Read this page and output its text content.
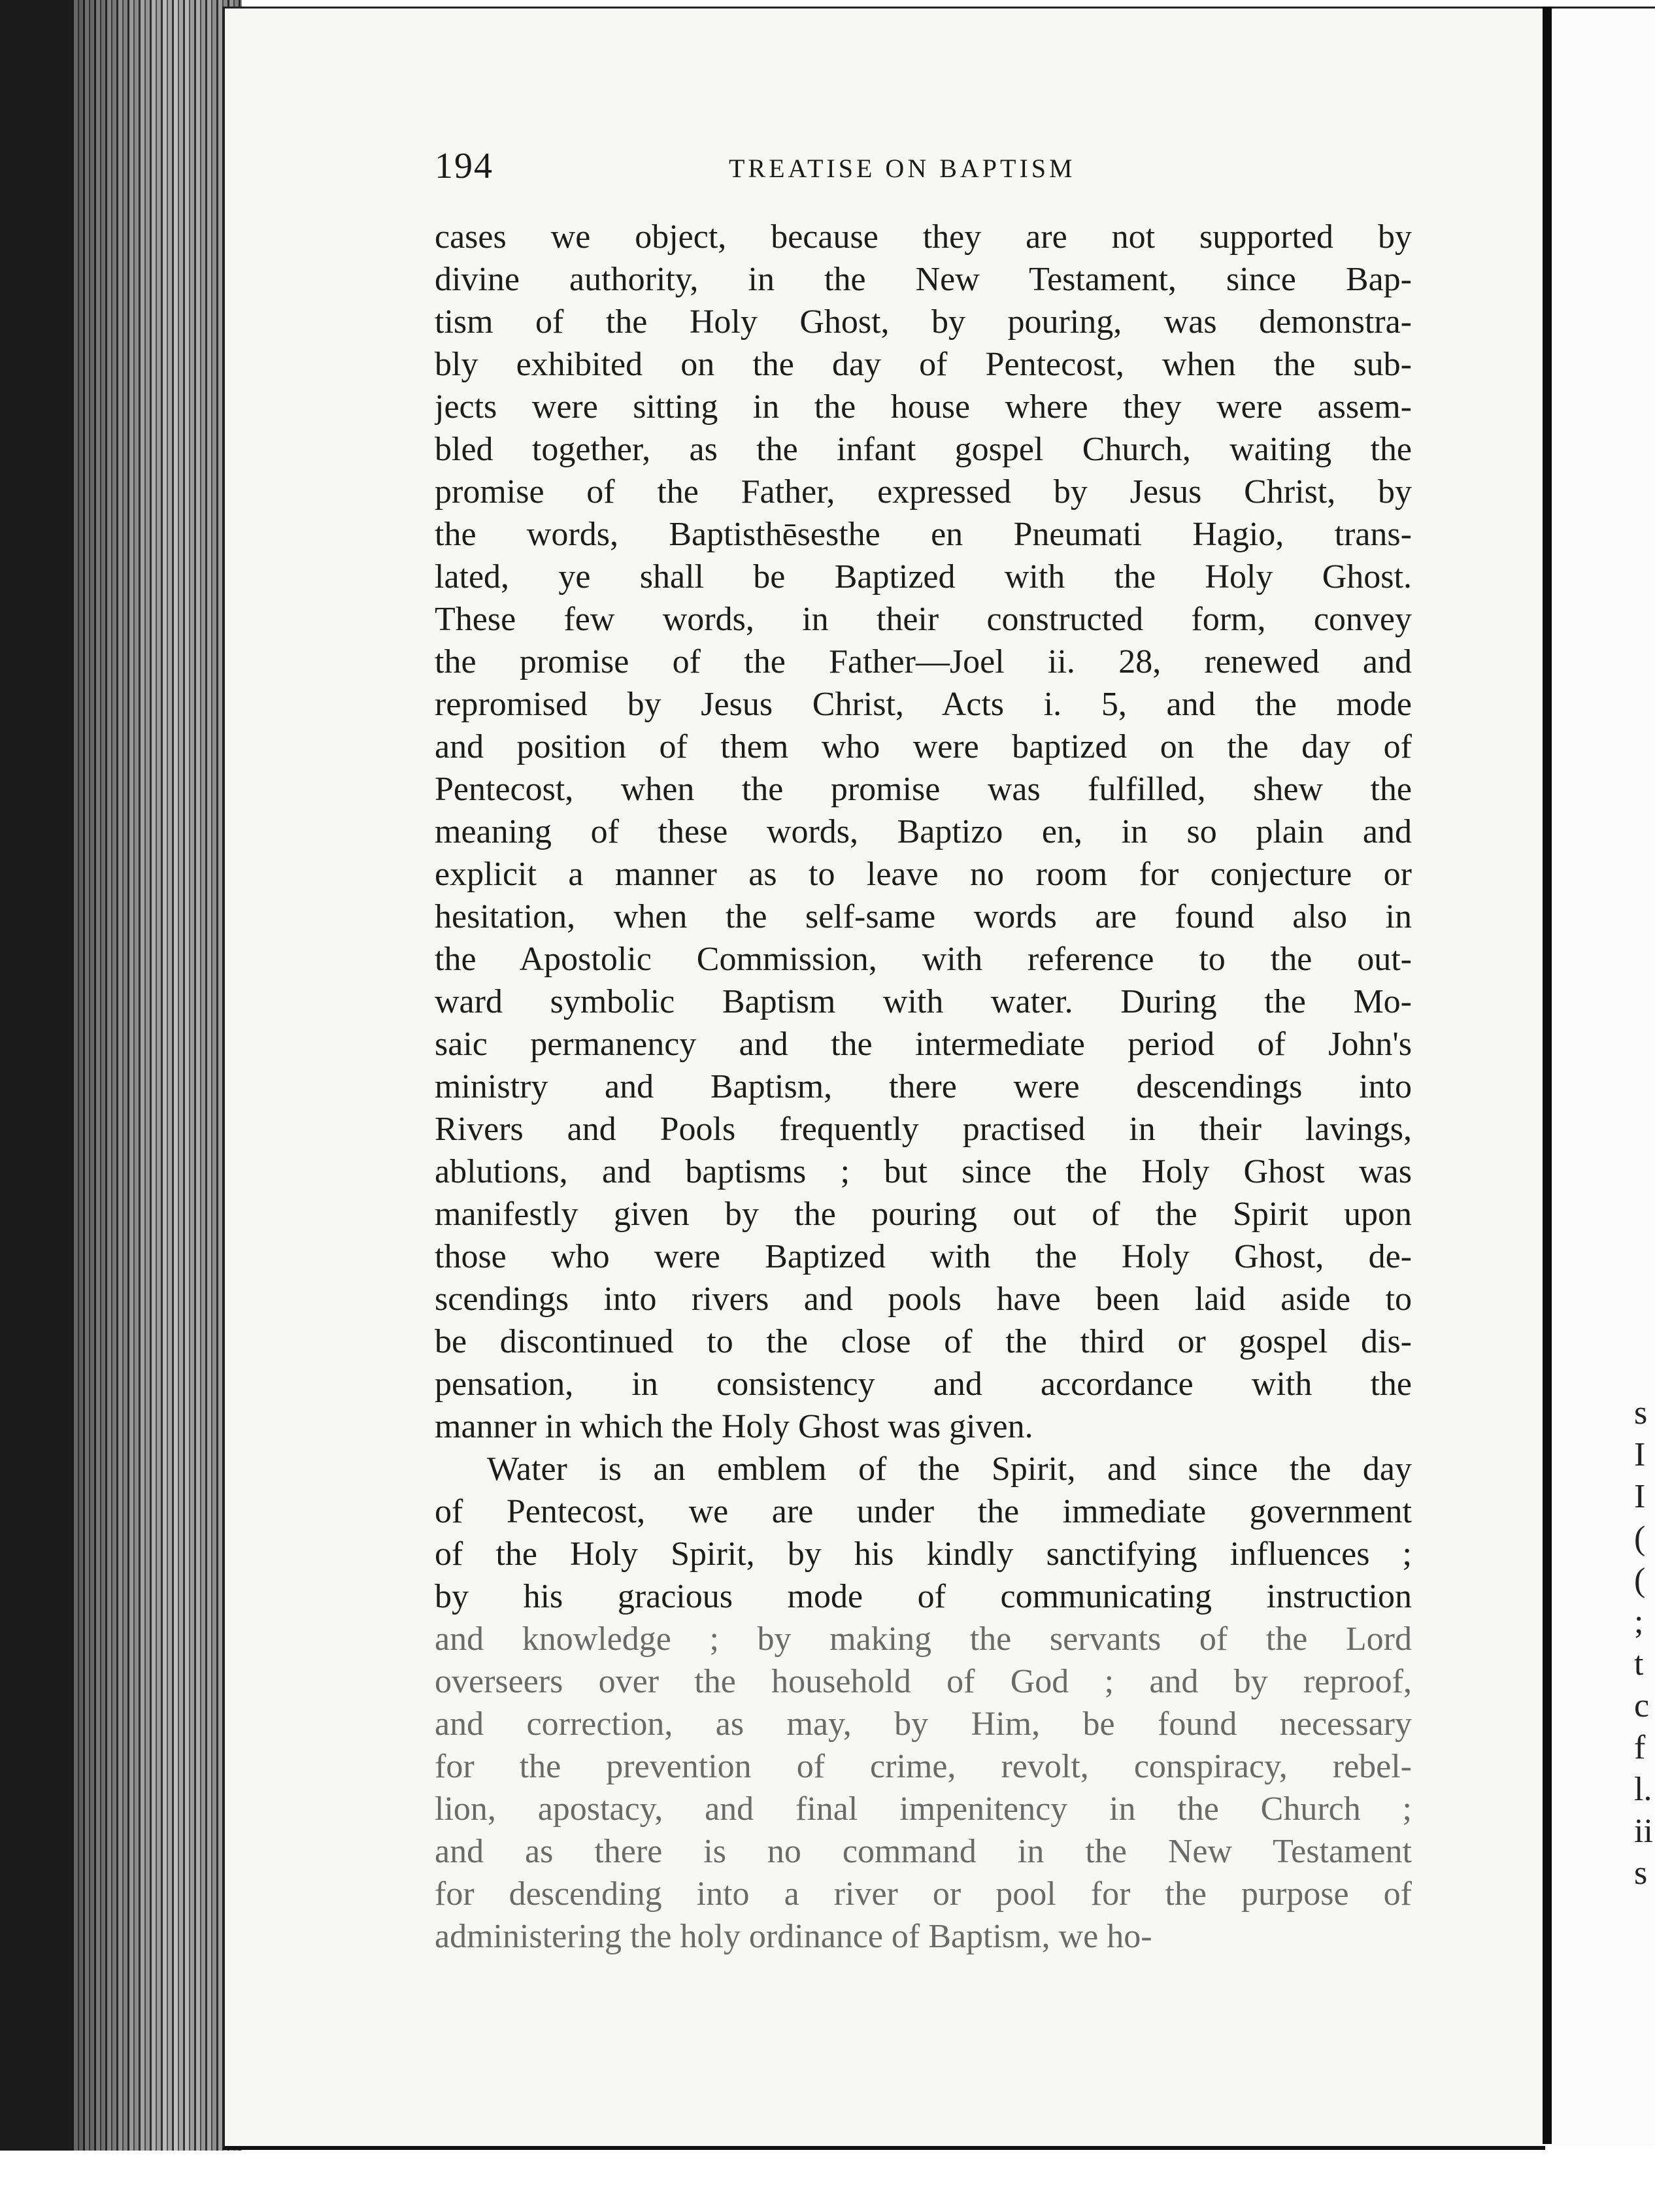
s
I
I
(
(
;
t
c
f
l.
ii
s
194	TREATISE ON BAPTISM
cases we object, because they are not supported by
divine authority, in the New Testament, since Bap-
tism of the Holy Ghost, by pouring, was demonstra-
bly exhibited on the day of Pentecost, when the sub-
jects were sitting in the house where they were assem-
bled together, as the infant gospel Church, waiting the
promise of the Father, expressed by Jesus Christ, by
the words, Baptisthēsesthe en Pneumati Hagio, trans-
lated, ye shall be Baptized with the Holy Ghost.
These few words, in their constructed form, convey
the promise of the Father—Joel ii. 28, renewed and
repromised by Jesus Christ, Acts i. 5, and the mode
and position of them who were baptized on the day of
Pentecost, when the promise was fulfilled, shew the
meaning of these words, Baptizo en, in so plain and
explicit a manner as to leave no room for conjecture or
hesitation, when the self-same words are found also in
the Apostolic Commission, with reference to the out-
ward symbolic Baptism with water. During the Mo-
saic permanency and the intermediate period of John's
ministry and Baptism, there were descendings into
Rivers and Pools frequently practised in their lavings,
ablutions, and baptisms ; but since the Holy Ghost was
manifestly given by the pouring out of the Spirit upon
those who were Baptized with the Holy Ghost, de-
scendings into rivers and pools have been laid aside to
be discontinued to the close of the third or gospel dis-
pensation, in consistency and accordance with the
manner in which the Holy Ghost was given.
Water is an emblem of the Spirit, and since the day
of Pentecost, we are under the immediate government
of the Holy Spirit, by his kindly sanctifying influences ;
by his gracious mode of communicating instruction
and knowledge ; by making the servants of the Lord
overseers over the household of God ; and by reproof,
and correction, as may, by Him, be found necessary
for the prevention of crime, revolt, conspiracy, rebel-
lion, apostacy, and final impenitency in the Church ;
and as there is no command in the New Testament
for descending into a river or pool for the purpose of
administering the holy ordinance of Baptism, we ho-
